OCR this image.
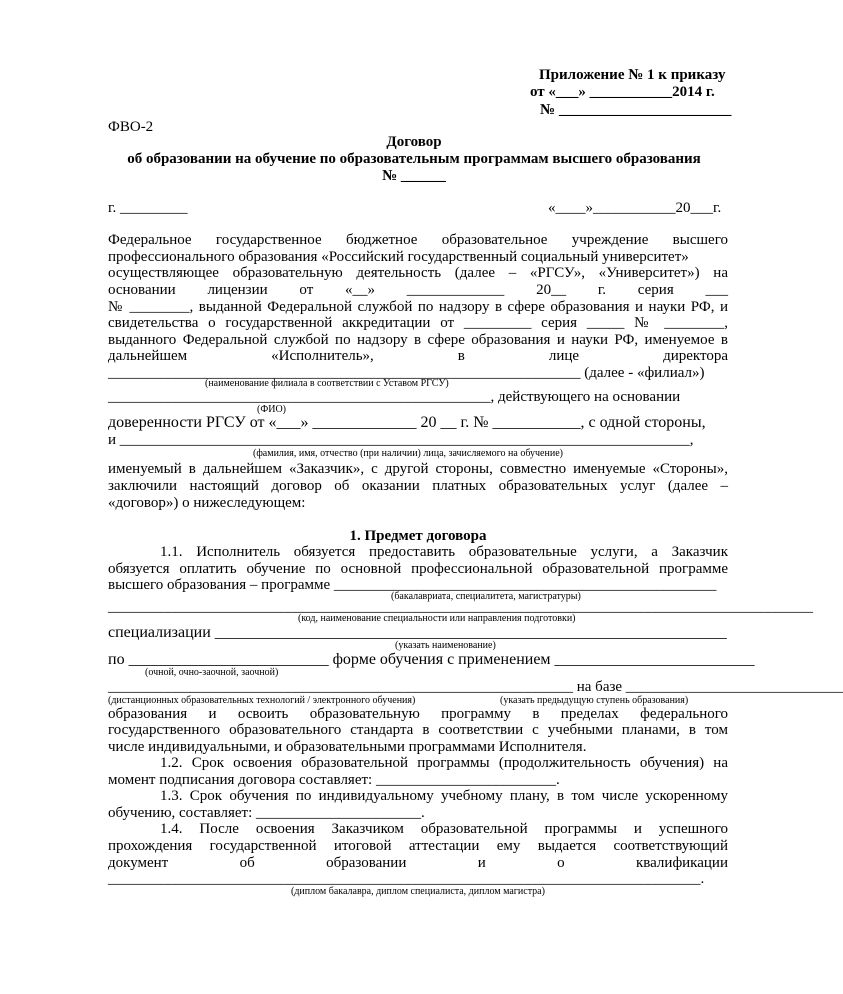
Приложение № 1 к приказу
от «___» ___________2014 г.
№ _______________________
ФВО-2
Договор
об образовании на обучение по образовательным программам высшего образования
№ ______
г. _________	«____»___________20___г.
Федеральное государственное бюджетное образовательное учреждение высшего
профессионального образования «Российский государственный социальный университет»
осуществляющее образовательную деятельность (далее – «РГСУ», «Университет») на
основании лицензии от «__» _____________ 20__ г. серия ___
№ ________, выданной Федеральной службой по надзору в сфере образования и науки РФ, и
свидетельства о государственной аккредитации от _________ серия _____ № ________,
выданного Федеральной службой по надзору в сфере образования и науки РФ, именуемое в
дальнейшем «Исполнитель», в лице директора
_______________________________________________________________ (далее - «филиал»)
(наименование филиала в соответствии с Уставом РГСУ)
___________________________________________________, действующего на основании
(ФИО)
доверенности РГСУ от «___» _____________ 20 __ г. № ___________, с одной стороны,
и ____________________________________________________________________________,
(фамилия, имя, отчество (при наличии) лица, зачисляемого на обучение)
именуемый в дальнейшем «Заказчик», с другой стороны, совместно именуемые «Стороны»,
заключили настоящий договор об оказании платных образовательных услуг (далее –
«договор») о нижеследующем:
1. Предмет договора
1.1. Исполнитель обязуется предоставить образовательные услуги, а Заказчик
обязуется оплатить обучение по основной профессиональной образовательной программе
высшего образования – программе ___________________________________________________
(бакалавриата, специалитета, магистратуры)
______________________________________________________________________________________________
(код, наименование специальности или направления подготовки)
специализации ________________________________________________________________
(указать наименование)
по _________________________ форме обучения с применением _________________________
(очной, очно-заочной, заочной)
______________________________________________________________ на базе _____________________________
(дистанционных образовательных технологий / электронного обучения)	(указать предыдущую ступень образования)
образования и освоить образовательную программу в пределах федерального
государственного образовательного стандарта в соответствии с учебными планами, в том
числе индивидуальными, и образовательными программами Исполнителя.
1.2. Срок освоения образовательной программы (продолжительность обучения) на
момент подписания договора составляет: ________________________.
1.3. Срок обучения по индивидуальному учебному плану, в том числе ускоренному
обучению, составляет: ______________________.
1.4. После освоения Заказчиком образовательной программы и успешного
прохождения государственной итоговой аттестации ему выдается соответствующий
документ об образовании и о квалификации
_______________________________________________________________________________.
(диплом бакалавра, диплом специалиста, диплом магистра)
